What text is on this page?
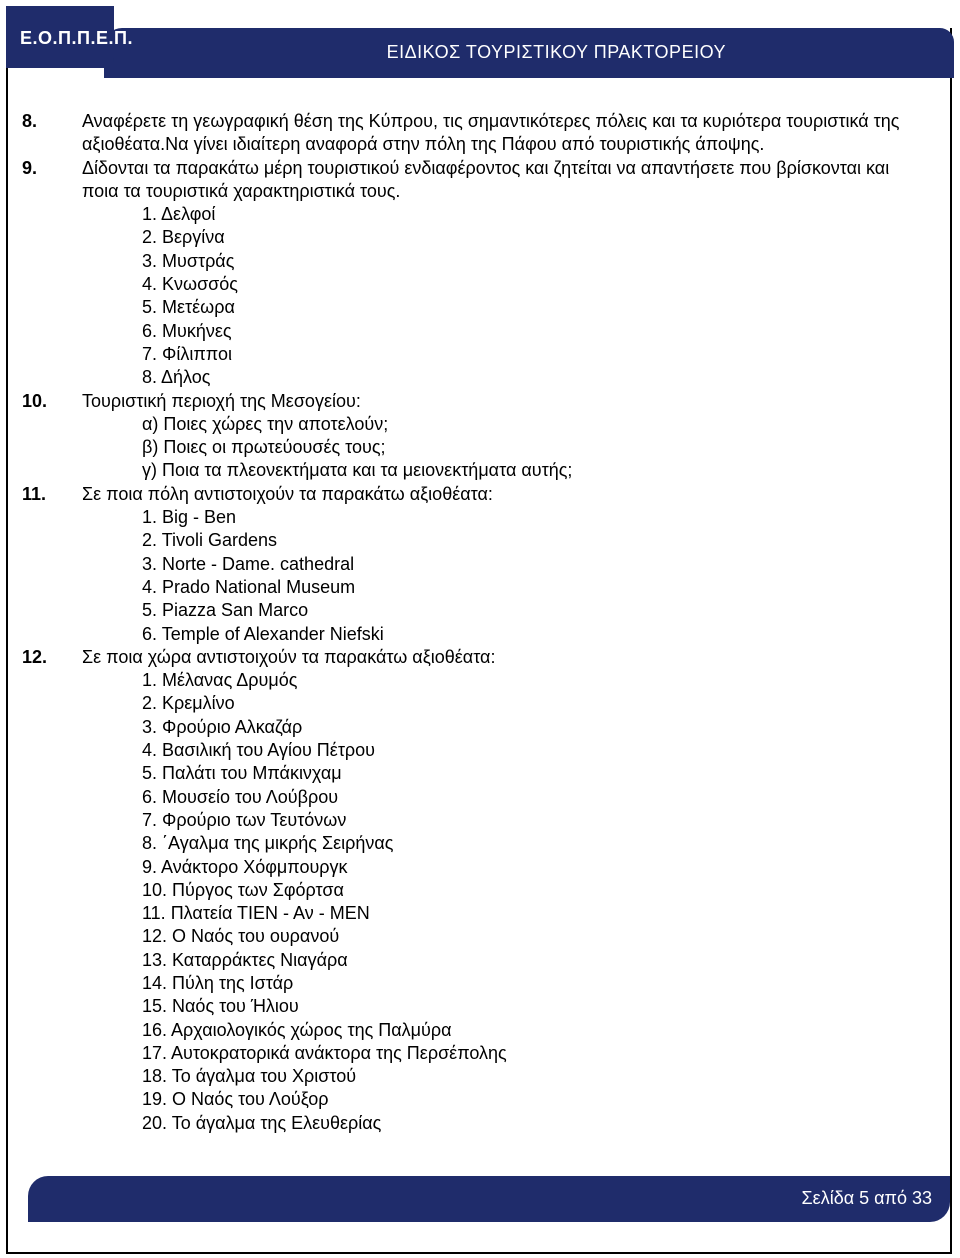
ΕΙΔΙΚΟΣ ΤΟΥΡΙΣΤΙΚΟΥ ΠΡΑΚΤΟΡΕΙΟΥ
Ε.Ο.Π.Π.Ε.Π.
8. Αναφέρετε τη γεωγραφική θέση της Κύπρου, τις σημαντικότερες πόλεις και τα κυριότερα τουριστικά της αξιοθέατα.Να γίνει ιδιαίτερη αναφορά στην πόλη της Πάφου από τουριστικής άποψης.
9. Δίδονται τα παρακάτω μέρη τουριστικού ενδιαφέροντος και ζητείται να απαντήσετε που βρίσκονται και ποια τα τουριστικά χαρακτηριστικά τους.
1. Δελφοί
2. Βεργίνα
3. Μυστράς
4. Κνωσσός
5. Μετέωρα
6. Μυκήνες
7. Φίλιπποι
8. Δήλος
10. Τουριστική περιοχή της Μεσογείου:
α) Ποιες χώρες την αποτελούν;
β) Ποιες οι πρωτεύουσές τους;
γ) Ποια τα πλεονεκτήματα και τα μειονεκτήματα αυτής;
11. Σε ποια πόλη αντιστοιχούν τα παρακάτω αξιοθέατα:
1. Big - Ben
2. Tivoli Gardens
3. Norte - Dame. cathedral
4. Prado National Museum
5. Piazza San Marco
6. Temple of Alexander Niefski
12. Σε ποια χώρα αντιστοιχούν τα παρακάτω αξιοθέατα:
1. Μέλανας Δρυμός
2. Κρεμλίνο
3. Φρούριο Αλκαζάρ
4. Βασιλική του Αγίου Πέτρου
5. Παλάτι του Μπάκινχαμ
6. Μουσείο του Λούβρου
7. Φρούριο των Τευτόνων
8. ΄Αγαλμα της μικρής Σειρήνας
9. Ανάκτορο Χόφμπουργκ
10. Πύργος των Σφόρτσα
11. Πλατεία ΤΙΕΝ - Αν - ΜΕΝ
12. Ο Ναός του ουρανού
13. Καταρράκτες Νιαγάρα
14. Πύλη της Ιστάρ
15. Ναός του Ήλιου
16. Αρχαιολογικός χώρος της Παλμύρα
17. Αυτοκρατορικά ανάκτορα της Περσέπολης
18. Το άγαλμα του Χριστού
19. Ο Ναός του Λούξορ
20. Το άγαλμα της Ελευθερίας
Σελίδα 5 από 33
